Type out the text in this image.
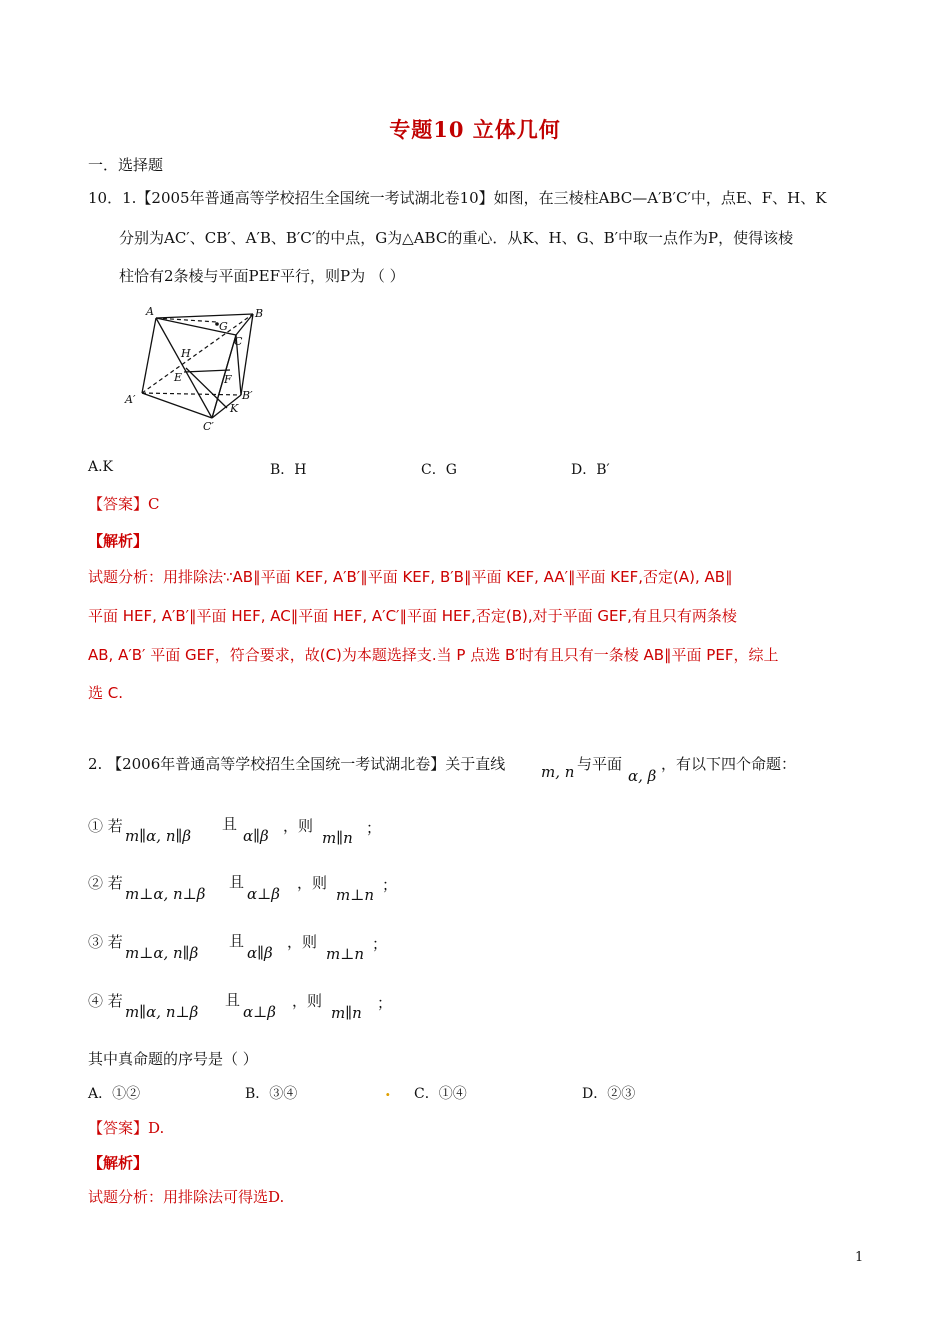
专题10 立体几何
一．选择题
10．1.【2005年普通高等学校招生全国统一考试湖北卷10】如图，在三棱柱ABC—A′B′C′中，点E、F、H、K
分别为AC′、CB′、A′B、B′C′的中点，G为△ABC的重心．从K、H、G、B′中取一点作为P，使得该棱
柱恰有2条棱与平面PEF平行，则P为 （ ）
A	B
G
C
H
E	F
A′	B′
K
C′
A.K	B．H	C．G	D．B′
【答案】C
【解析】
试题分析：用排除法∵AB∥平面 KEF, A′B′∥平面 KEF, B′B∥平面 KEF, AA′∥平面 KEF,否定(A), AB∥
平面 HEF, A′B′∥平面 HEF, AC∥平面 HEF, A′C′∥平面 HEF,否定(B),对于平面 GEF,有且只有两条棱
AB, A′B′ 平面 GEF，符合要求，故(C)为本题选择支.当 P 点选 B′时有且只有一条棱 AB∥平面 PEF，综上
选 C.
2. 【2006年普通高等学校招生全国统一考试湖北卷】关于直线 m, n 与平面
α, β
，有以下四个命题：
① 若
m∥α, n∥β
且
α∥β
，则
m∥n
；
② 若
m⊥α, n⊥β
且
α⊥β
，则
m⊥n
；
③ 若
m⊥α, n∥β
且
α∥β
，则
m⊥n
；
④ 若
m∥α, n⊥β
且
α⊥β
，则
m∥n
；
其中真命题的序号是（ ）
A．①②	B．③④	. C．①④	D．②③
【答案】D.
【解析】
试题分析：用排除法可得选D.
1
